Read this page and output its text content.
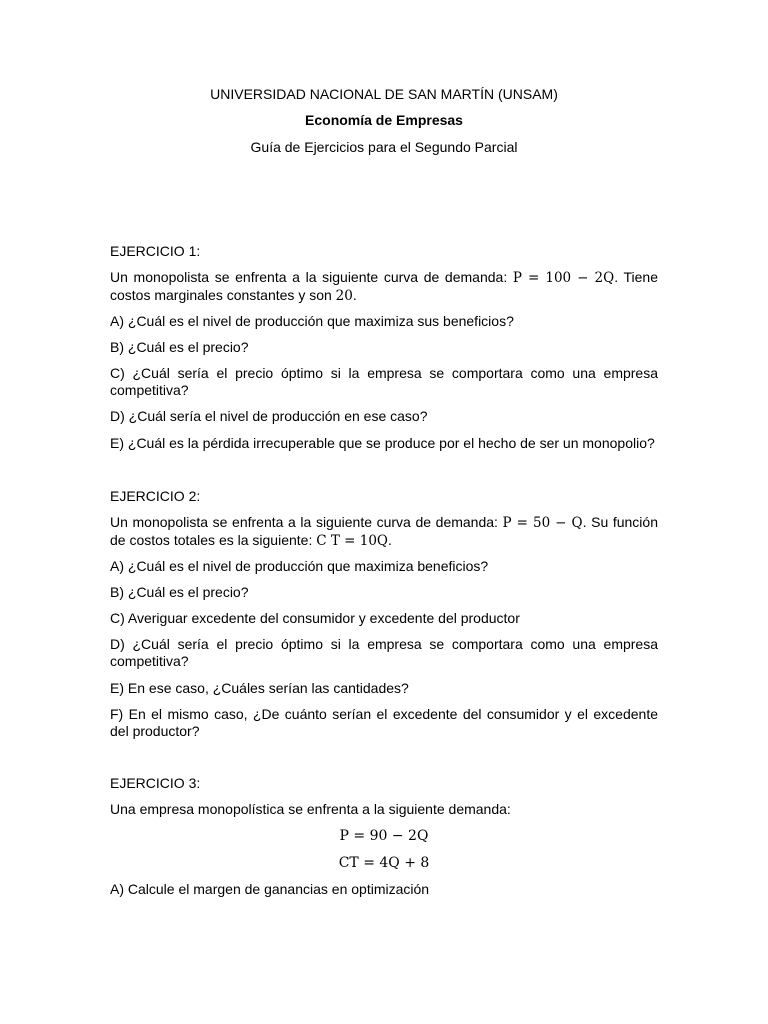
UNIVERSIDAD NACIONAL DE SAN MARTÍN (UNSAM)
Economía de Empresas
Guía de Ejercicios para el Segundo Parcial
EJERCICIO 1:
Un monopolista se enfrenta a la siguiente curva de demanda: P = 100 − 2Q. Tiene costos marginales constantes y son 20.
A) ¿Cuál es el nivel de producción que maximiza sus beneficios?
B) ¿Cuál es el precio?
C) ¿Cuál sería el precio óptimo si la empresa se comportara como una empresa competitiva?
D) ¿Cuál sería el nivel de producción en ese caso?
E) ¿Cuál es la pérdida irrecuperable que se produce por el hecho de ser un monopolio?
EJERCICIO 2:
Un monopolista se enfrenta a la siguiente curva de demanda: P = 50 − Q. Su función de costos totales es la siguiente: C T = 10Q.
A) ¿Cuál es el nivel de producción que maximiza beneficios?
B) ¿Cuál es el precio?
C) Averiguar excedente del consumidor y excedente del productor
D) ¿Cuál sería el precio óptimo si la empresa se comportara como una empresa competitiva?
E) En ese caso, ¿Cuáles serían las cantidades?
F) En el mismo caso, ¿De cuánto serían el excedente del consumidor y el excedente del productor?
EJERCICIO 3:
Una empresa monopolística se enfrenta a la siguiente demanda:
P = 90 − 2Q
CT = 4Q + 8
A) Calcule el margen de ganancias en optimización
